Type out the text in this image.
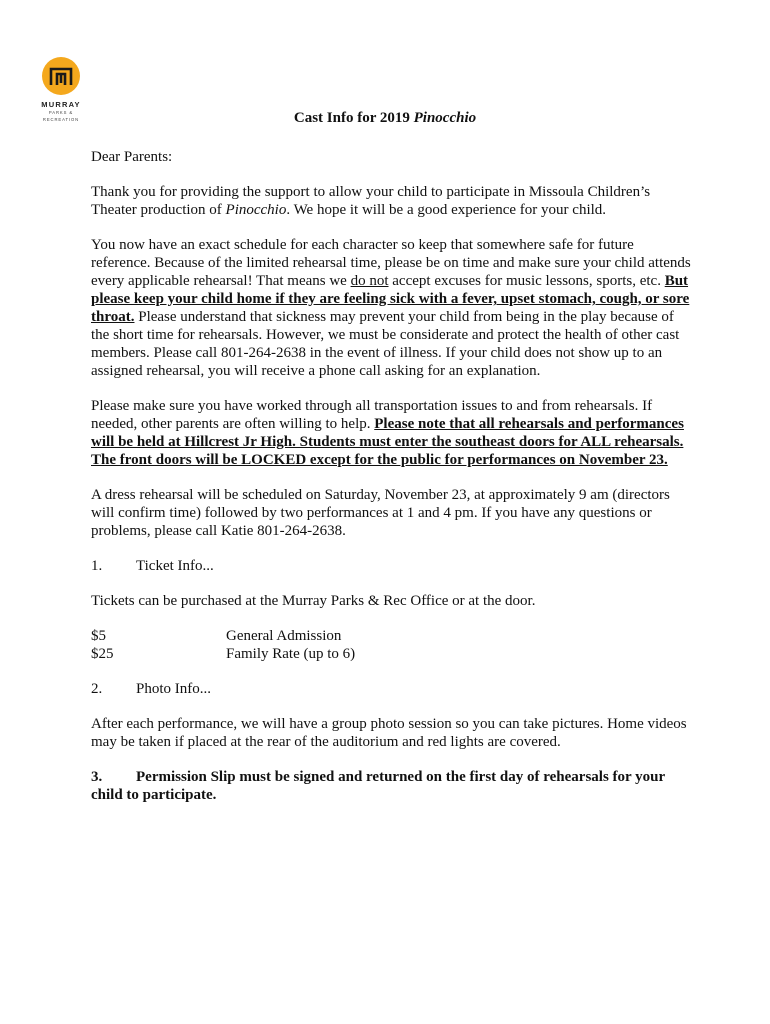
MURRAY
PARKS &
RECREATION	Cast Info for 2019 Pinocchio

Dear Parents:

Thank you for providing the support to allow your child to participate in Missoula Children’s Theater production of Pinocchio. We hope it will be a good experience for your child.

You now have an exact schedule for each character so keep that somewhere safe for future reference. Because of the limited rehearsal time, please be on time and make sure your child attends every applicable rehearsal! That means we do not accept excuses for music lessons, sports, etc. But please keep your child home if they are feeling sick with a fever, upset stomach, cough, or sore throat. Please understand that sickness may prevent your child from being in the play because of the short time for rehearsals. However, we must be considerate and protect the health of other cast members. Please call 801-264-2638 in the event of illness. If your child does not show up to an assigned rehearsal, you will receive a phone call asking for an explanation.

Please make sure you have worked through all transportation issues to and from rehearsals. If needed, other parents are often willing to help. Please note that all rehearsals and performances will be held at Hillcrest Jr High. Students must enter the southeast doors for ALL rehearsals. The front doors will be LOCKED except for the public for performances on November 23.

A dress rehearsal will be scheduled on Saturday, November 23, at approximately 9 am (directors will confirm time) followed by two performances at 1 and 4 pm. If you have any questions or problems, please call Katie 801-264-2638.

1. Ticket Info...

Tickets can be purchased at the Murray Parks & Rec Office or at the door.

$5	General Admission
$25	Family Rate (up to 6)

2. Photo Info...

After each performance, we will have a group photo session so you can take pictures. Home videos may be taken if placed at the rear of the auditorium and red lights are covered.

3. Permission Slip must be signed and returned on the first day of rehearsals for your child to participate.
